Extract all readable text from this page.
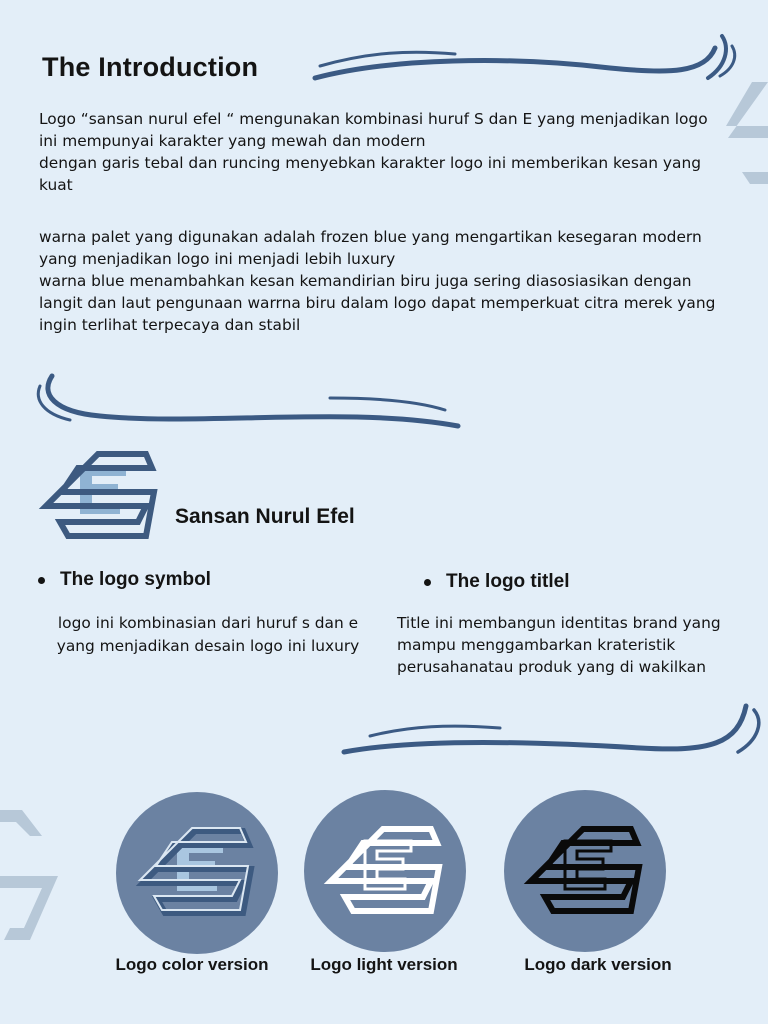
The Introduction

Logo “sansan nurul efel “ mengunakan kombinasi huruf S dan E yang menjadikan logo

ini mempunyai karakter yang mewah dan modern

dengan garis tebal dan runcing menyebkan karakter logo ini memberikan kesan yang

kuat

warna palet yang digunakan adalah frozen blue yang mengartikan kesegaran modern

yang menjadikan logo ini menjadi lebih luxury

warna blue menambahkan kesan kemandirian biru juga sering diasosiasikan dengan

langit dan laut pengunaan warrna biru dalam logo dapat memperkuat citra merek yang

ingin terlihat terpecaya dan stabil

Sansan Nurul Efel
The logo symbol	The logo titlel
logo ini kombinasian dari huruf s dan e
yang menjadikan desain logo ini luxury
Title ini membangun identitas brand yang
mampu menggambarkan krateristik
perusahanatau produk yang di wakilkan
Logo color version	Logo light version	Logo dark version
